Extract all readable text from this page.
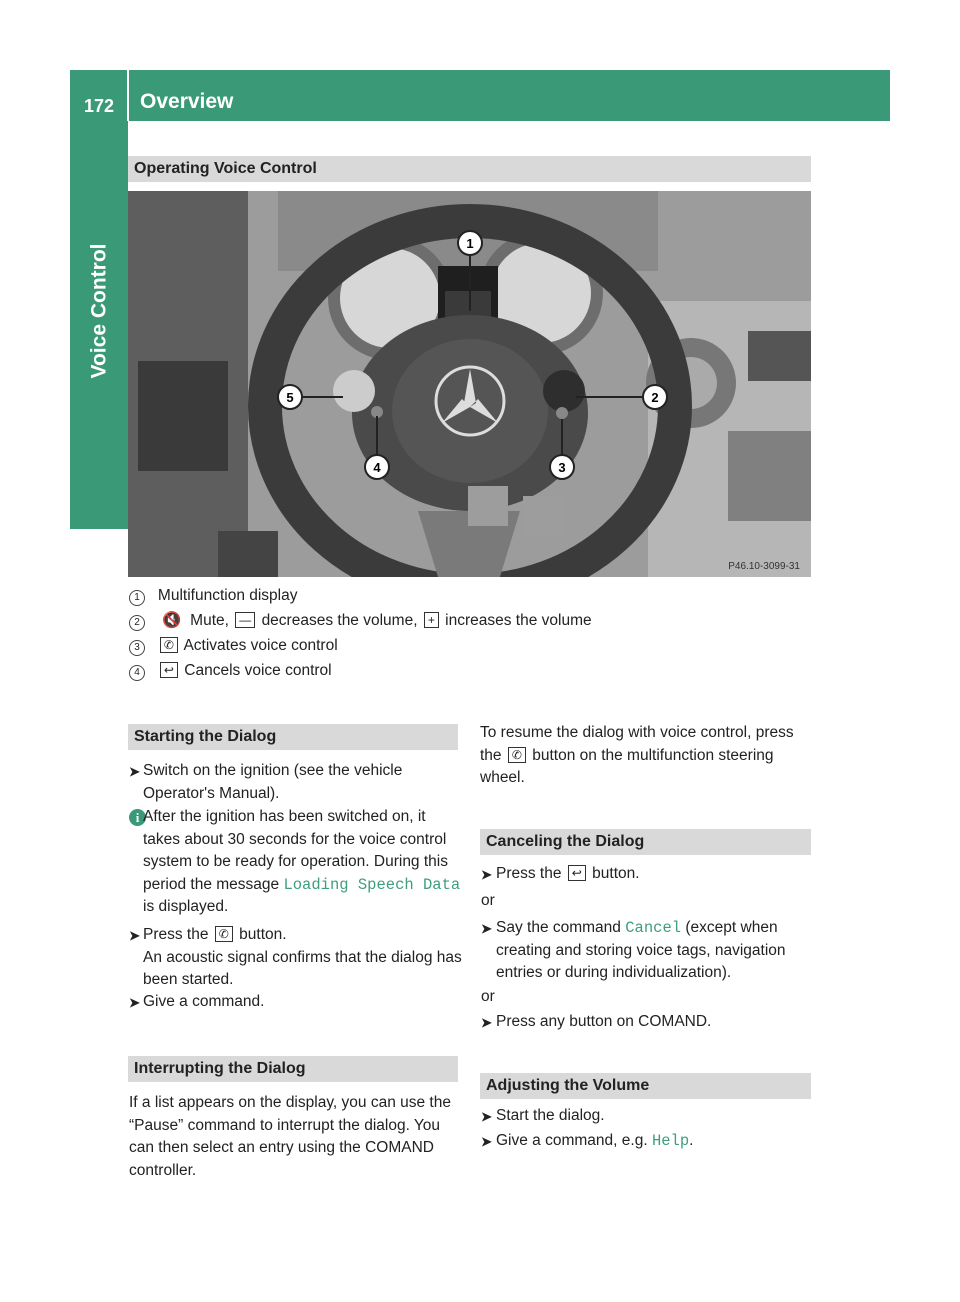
172 Overview
Voice Control
Operating Voice Control
1
2
3
4
5
P46.10-3099-31
1 Multifunction display
2 🔇 Mute, — decreases the volume, + increases the volume
3 ✆ Activates voice control
4 ↩ Cancels voice control
Starting the Dialog
➤ Switch on the ignition (see the vehicle Operator's Manual).
i After the ignition has been switched on, it takes about 30 seconds for the voice control system to be ready for operation. During this period the message Loading Speech Data is displayed.
➤ Press the ✆ button.
An acoustic signal confirms that the dialog has been started.
➤ Give a command.
Interrupting the Dialog
If a list appears on the display, you can use the “Pause” command to interrupt the dialog. You can then select an entry using the COMAND controller.
To resume the dialog with voice control, press the ✆ button on the multifunction steering wheel.
Canceling the Dialog
➤ Press the ↩ button.
or
➤ Say the command Cancel (except when creating and storing voice tags, navigation entries or during individualization).
or
➤ Press any button on COMAND.
Adjusting the Volume
➤ Start the dialog.
➤ Give a command, e.g. Help.
